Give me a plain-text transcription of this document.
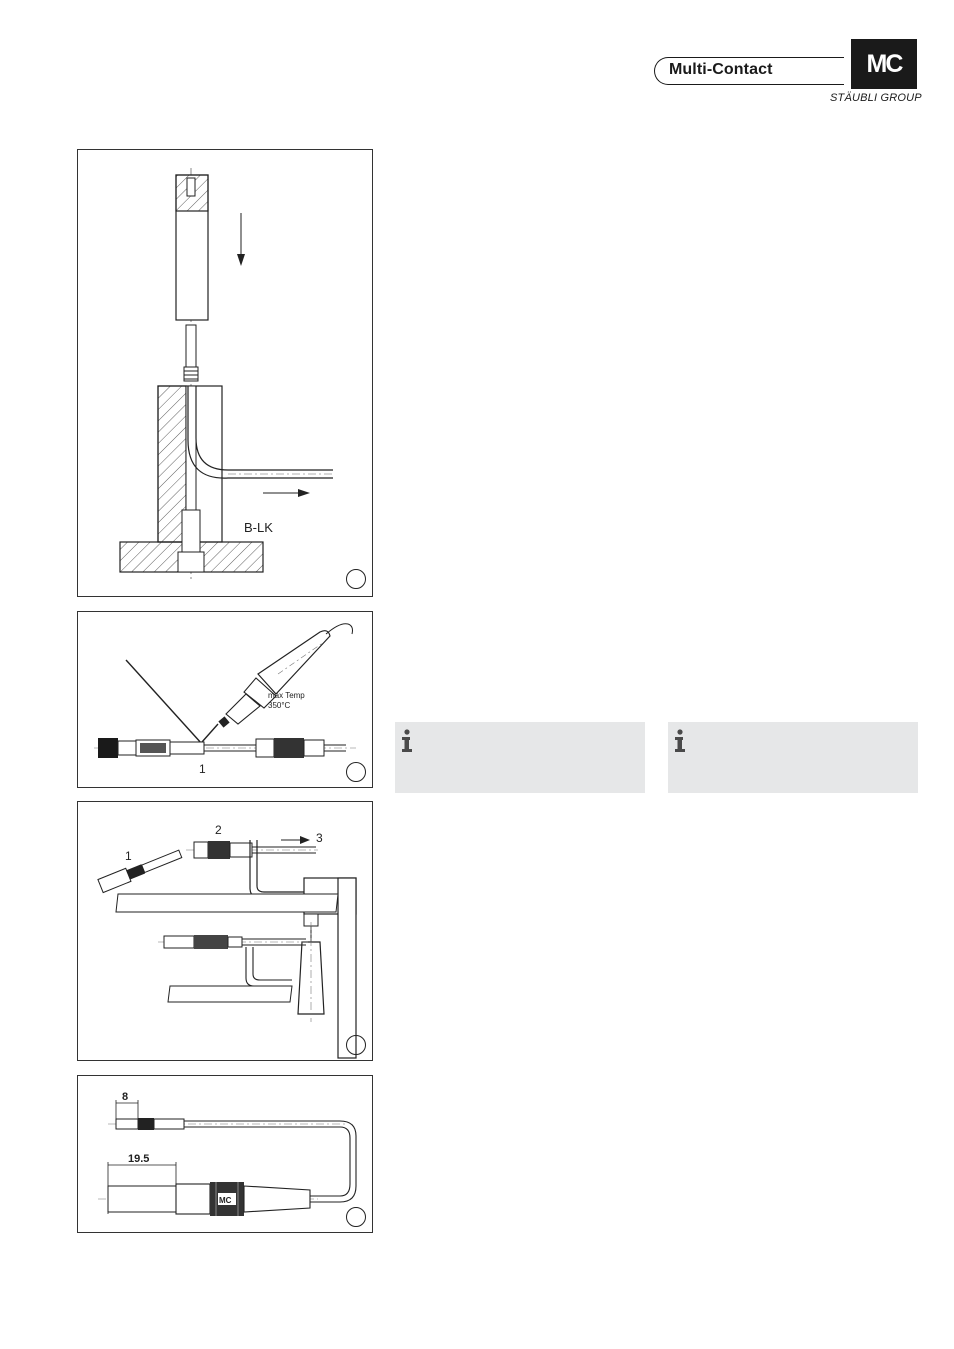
Multi-Contact	MC
STÄUBLI GROUP
B-LK
max Temp
350°C
1
1
2
3
8
19.5
MC
